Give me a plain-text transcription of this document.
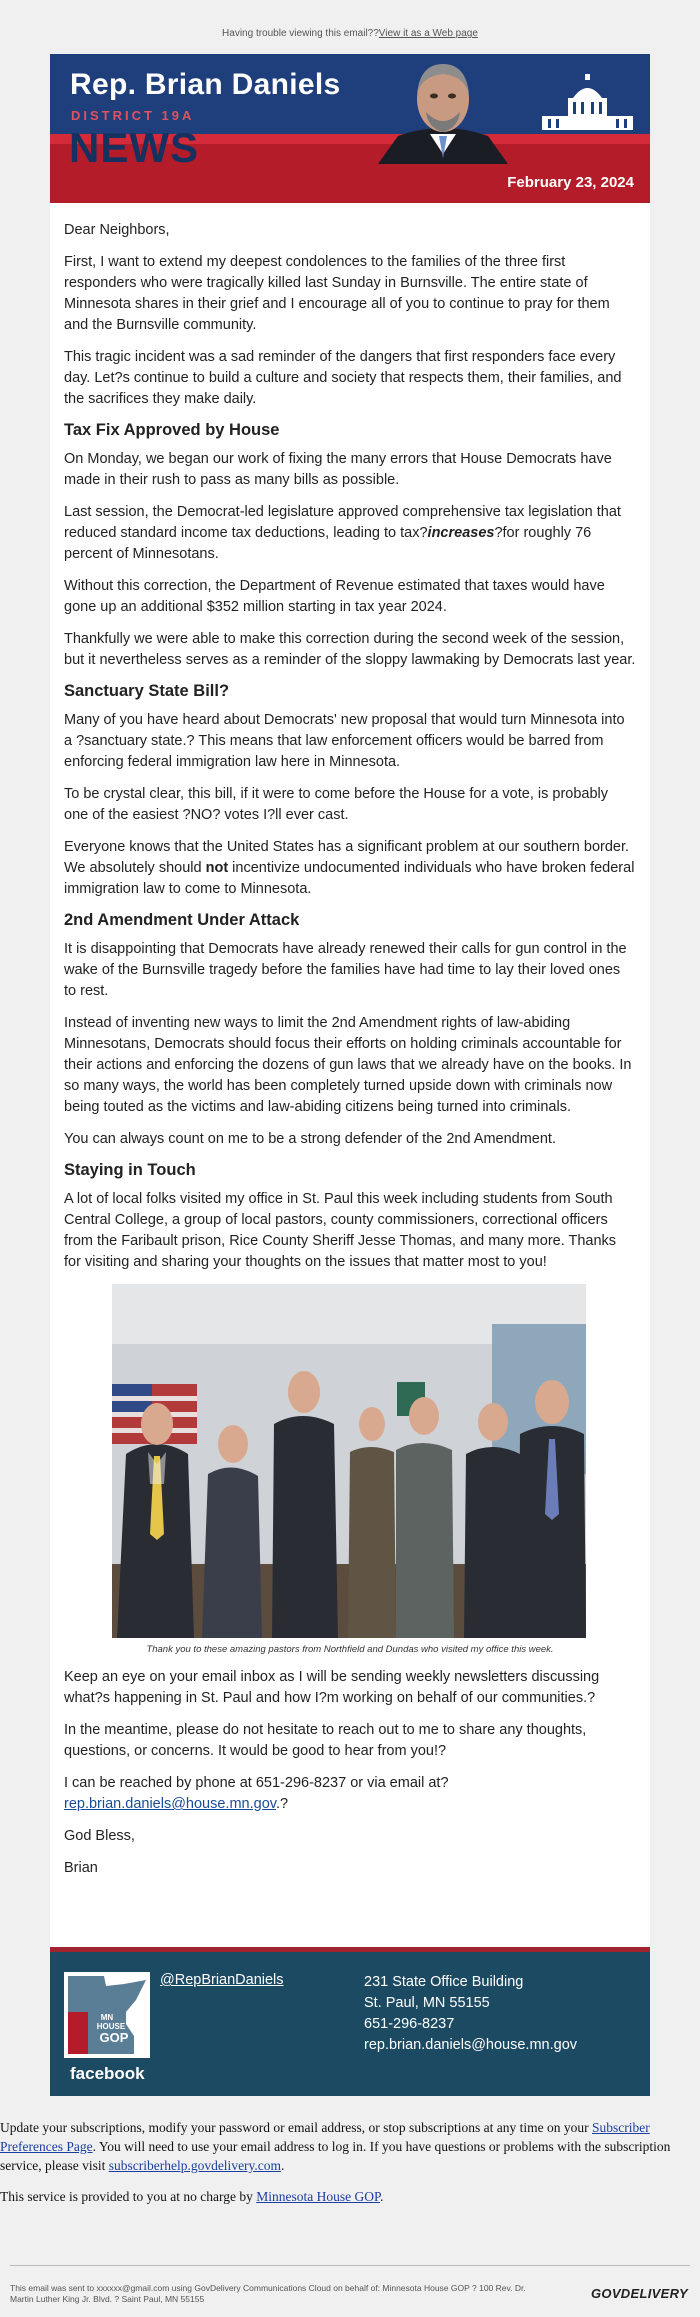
Having trouble viewing this email??View it as a Web page
Rep. Brian Daniels
DISTRICT 19A
NEWS
February 23, 2024

Dear Neighbors,

First, I want to extend my deepest condolences to the families of the three first responders who were tragically killed last Sunday in Burnsville. The entire state of Minnesota shares in their grief and I encourage all of you to continue to pray for them and the Burnsville community.

This tragic incident was a sad reminder of the dangers that first responders face every day. Let?s continue to build a culture and society that respects them, their families, and the sacrifices they make daily.

Tax Fix Approved by House

On Monday, we began our work of fixing the many errors that House Democrats have made in their rush to pass as many bills as possible.

Last session, the Democrat-led legislature approved comprehensive tax legislation that reduced standard income tax deductions, leading to tax?increases?for roughly 76 percent of Minnesotans.

Without this correction, the Department of Revenue estimated that taxes would have gone up an additional $352 million starting in tax year 2024.

Thankfully we were able to make this correction during the second week of the session, but it nevertheless serves as a reminder of the sloppy lawmaking by Democrats last year.

Sanctuary State Bill?

Many of you have heard about Democrats' new proposal that would turn Minnesota into a ?sanctuary state.? This means that law enforcement officers would be barred from enforcing federal immigration law here in Minnesota.

To be crystal clear, this bill, if it were to come before the House for a vote, is probably one of the easiest ?NO? votes I?ll ever cast.

Everyone knows that the United States has a significant problem at our southern border. We absolutely should not incentivize undocumented individuals who have broken federal immigration law to come to Minnesota.

2nd Amendment Under Attack

It is disappointing that Democrats have already renewed their calls for gun control in the wake of the Burnsville tragedy before the families have had time to lay their loved ones to rest.

Instead of inventing new ways to limit the 2nd Amendment rights of law-abiding Minnesotans, Democrats should focus their efforts on holding criminals accountable for their actions and enforcing the dozens of gun laws that we already have on the books. In so many ways, the world has been completely turned upside down with criminals now being touted as the victims and law-abiding citizens being turned into criminals.

You can always count on me to be a strong defender of the 2nd Amendment.

Staying in Touch

A lot of local folks visited my office in St. Paul this week including students from South Central College, a group of local pastors, county commissioners, correctional officers from the Faribault prison, Rice County Sheriff Jesse Thomas, and many more. Thanks for visiting and sharing your thoughts on the issues that matter most to you!

Thank you to these amazing pastors from Northfield and Dundas who visited my office this week.

Keep an eye on your email inbox as I will be sending weekly newsletters discussing what?s happening in St. Paul and how I?m working on behalf of our communities.?

In the meantime, please do not hesitate to reach out to me to share any thoughts, questions, or concerns. It would be good to hear from you!?

I can be reached by phone at 651-296-8237 or via email at?
rep.brian.daniels@house.mn.gov.?

God Bless,

Brian

MN
HOUSE
GOP
facebook
@RepBrianDaniels	231 State Office Building
St. Paul, MN 55155
651-296-8237
rep.brian.daniels@house.mn.gov

Update your subscriptions, modify your password or email address, or stop subscriptions at any time on your Subscriber Preferences Page. You will need to use your email address to log in. If you have questions or problems with the subscription service, please visit subscriberhelp.govdelivery.com.

This service is provided to you at no charge by Minnesota House GOP.

This email was sent to xxxxxx@gmail.com using GovDelivery Communications Cloud on behalf of: Minnesota House GOP ? 100 Rev. Dr. Martin Luther King Jr. Blvd. ? Saint Paul, MN 55155	GOVDELIVERY
